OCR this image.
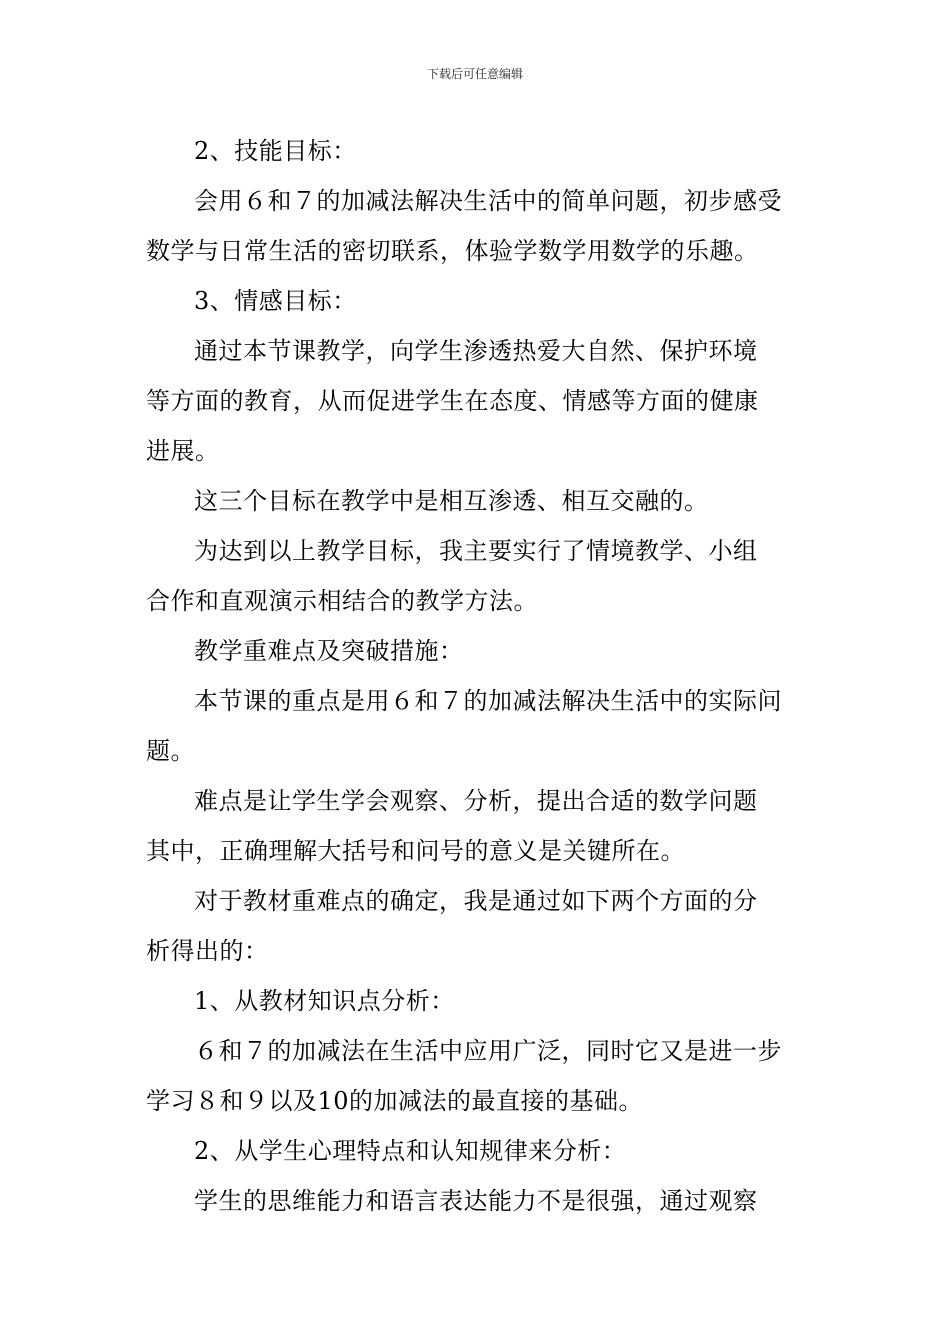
下载后可任意编辑
2、技能目标：
会用６和７的加减法解决生活中的简单问题，初步感受
数学与日常生活的密切联系，体验学数学用数学的乐趣。
3、情感目标：
通过本节课教学，向学生渗透热爱大自然、保护环境
等方面的教育，从而促进学生在态度、情感等方面的健康
进展。
这三个目标在教学中是相互渗透、相互交融的。
为达到以上教学目标，我主要实行了情境教学、小组
合作和直观演示相结合的教学方法。
教学重难点及突破措施：
本节课的重点是用６和７的加减法解决生活中的实际问
题。
难点是让学生学会观察、分析，提出合适的数学问题
其中，正确理解大括号和问号的意义是关键所在。
对于教材重难点的确定，我是通过如下两个方面的分
析得出的：
1、从教材知识点分析：
６和７的加减法在生活中应用广泛，同时它又是进一步
学习８和９以及10的加减法的最直接的基础。
2、从学生心理特点和认知规律来分析：
学生的思维能力和语言表达能力不是很强，通过观察
